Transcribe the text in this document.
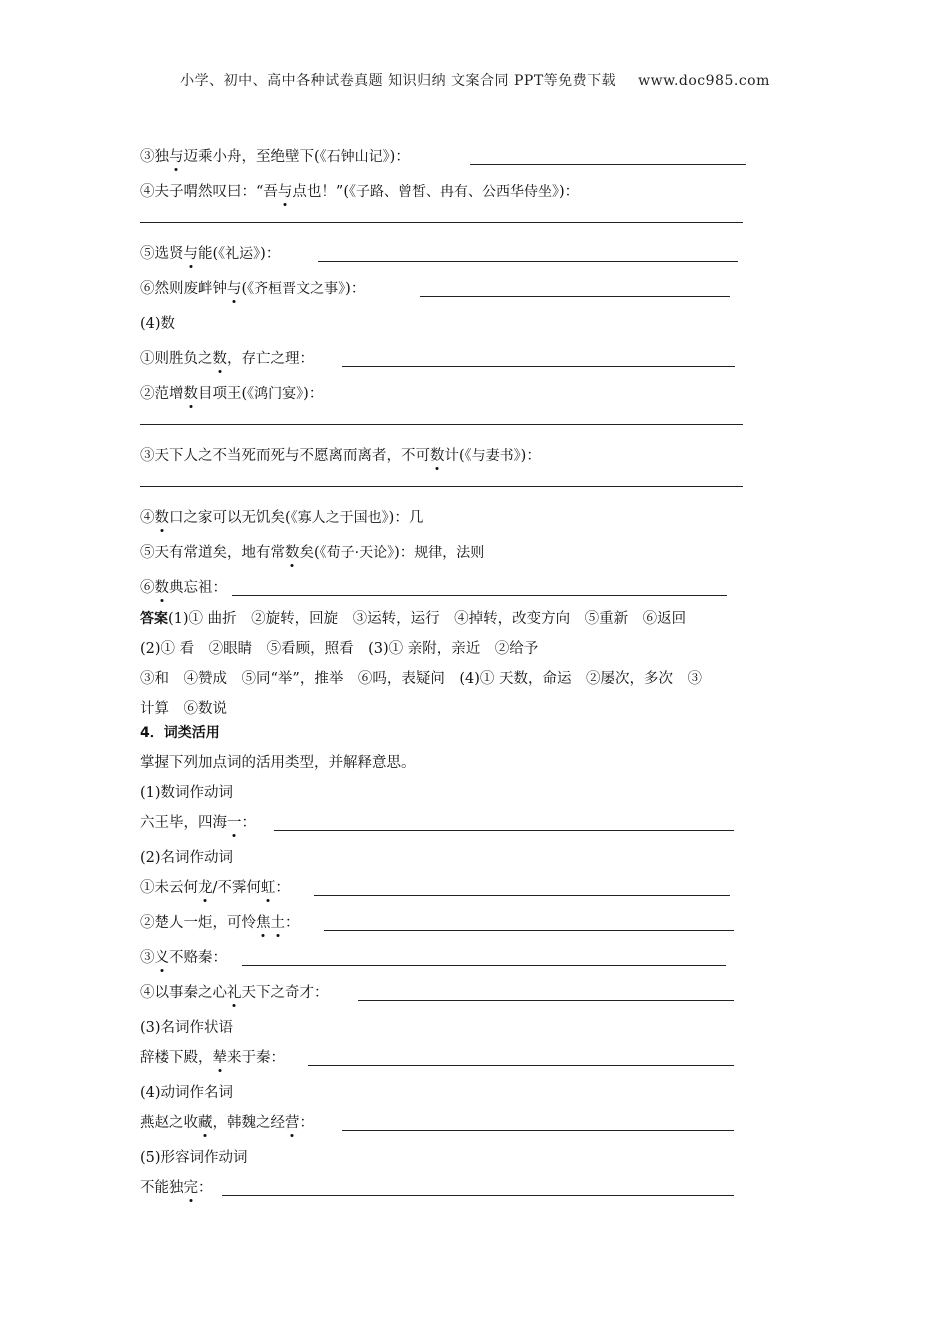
小学、初中、高中各种试卷真题 知识归纳 文案合同 PPT等免费下载 www.doc985.com
③独与迈乘小舟，至绝壁下(《石钟山记》)：
④夫子喟然叹曰：“吾与点也！”(《子路、曾皙、冉有、公西华侍坐》)：
⑤选贤与能(《礼运》)：
⑥然则废衅钟与(《齐桓晋文之事》)：
(4)数
①则胜负之数，存亡之理：
②范增数目项王(《鸿门宴》)：
③天下人之不当死而死与不愿离而离者，不可数计(《与妻书》)：
④数口之家可以无饥矣(《寡人之于国也》)：几
⑤天有常道矣，地有常数矣(《荀子·天论》)：规律，法则
⑥数典忘祖：
答案(1)① 曲折　②旋转，回旋　③运转，运行　④掉转，改变方向　⑤重新　⑥返回
(2)① 看　②眼睛　⑤看顾，照看　(3)① 亲附，亲近　②给予
③和　④赞成　⑤同“举”，推举　⑥吗，表疑问　(4)① 天数，命运　②屡次，多次　③
计算　⑥数说
4．词类活用
掌握下列加点词的活用类型，并解释意思。
(1)数词作动词
六王毕，四海一：
(2)名词作动词
①未云何龙/不霁何虹：
②楚人一炬，可怜焦土：
③义不赂秦：
④以事秦之心礼天下之奇才：
(3)名词作状语
辞楼下殿，辇来于秦：
(4)动词作名词
燕赵之收藏，韩魏之经营：
(5)形容词作动词
不能独完：
